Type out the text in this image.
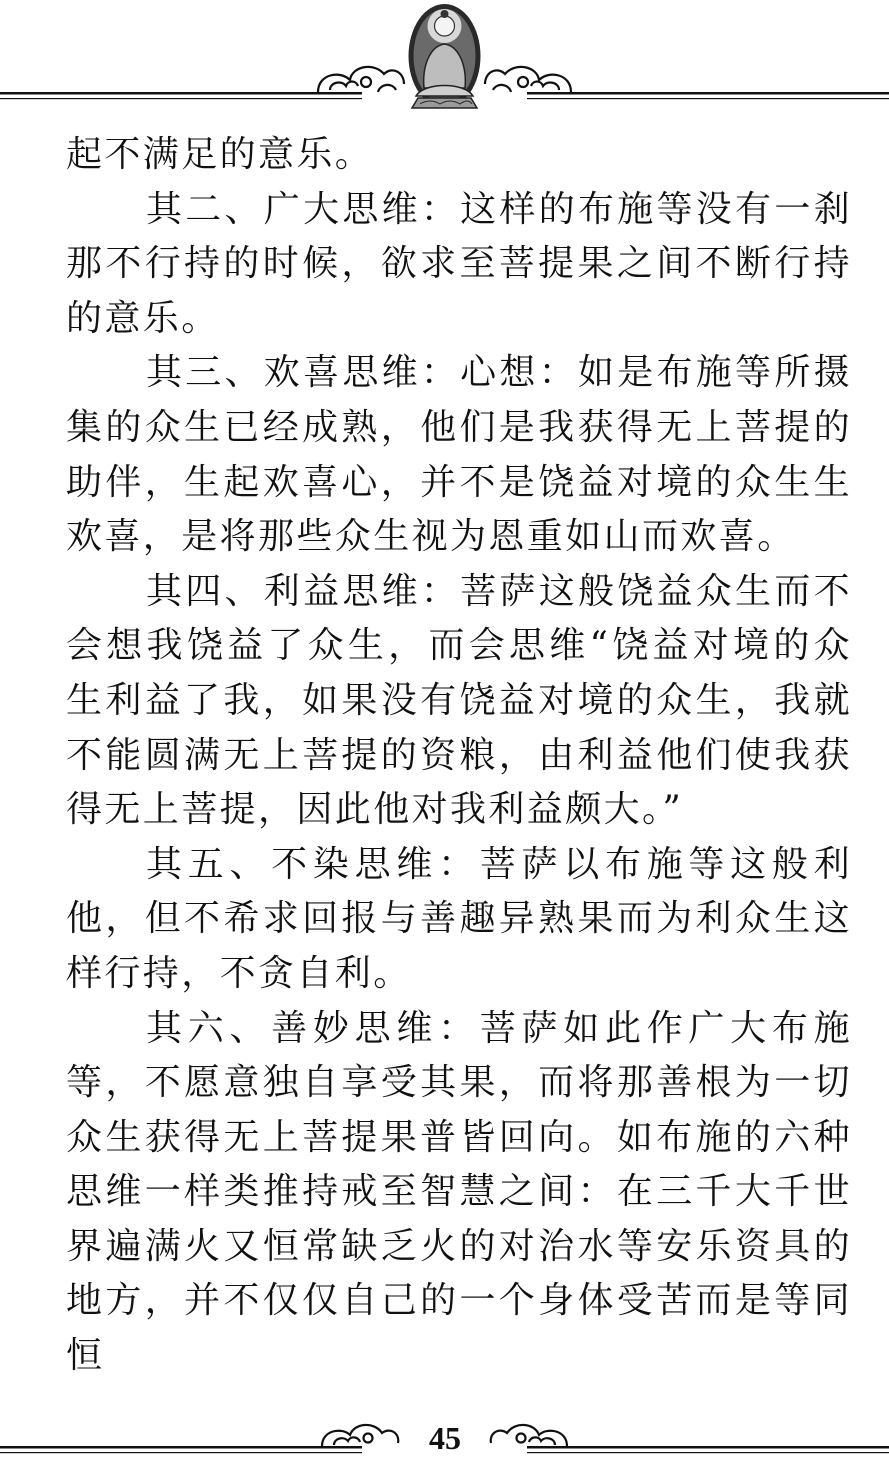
起不满足的意乐。

其二、广大思维：这样的布施等没有一刹那不行持的时候，欲求至菩提果之间不断行持的意乐。

其三、欢喜思维：心想：如是布施等所摄集的众生已经成熟，他们是我获得无上菩提的助伴，生起欢喜心，并不是饶益对境的众生生欢喜，是将那些众生视为恩重如山而欢喜。

其四、利益思维：菩萨这般饶益众生而不会想我饶益了众生，而会思维“饶益对境的众生利益了我，如果没有饶益对境的众生，我就不能圆满无上菩提的资粮，由利益他们使我获得无上菩提，因此他对我利益颇大。”

其五、不染思维：菩萨以布施等这般利他，但不希求回报与善趣异熟果而为利众生这样行持，不贪自利。

其六、善妙思维：菩萨如此作广大布施等，不愿意独自享受其果，而将那善根为一切众生获得无上菩提果普皆回向。如布施的六种思维一样类推持戒至智慧之间：在三千大千世界遍满火又恒常缺乏火的对治水等安乐资具的地方，并不仅仅自己的一个身体受苦而是等同恒

45
